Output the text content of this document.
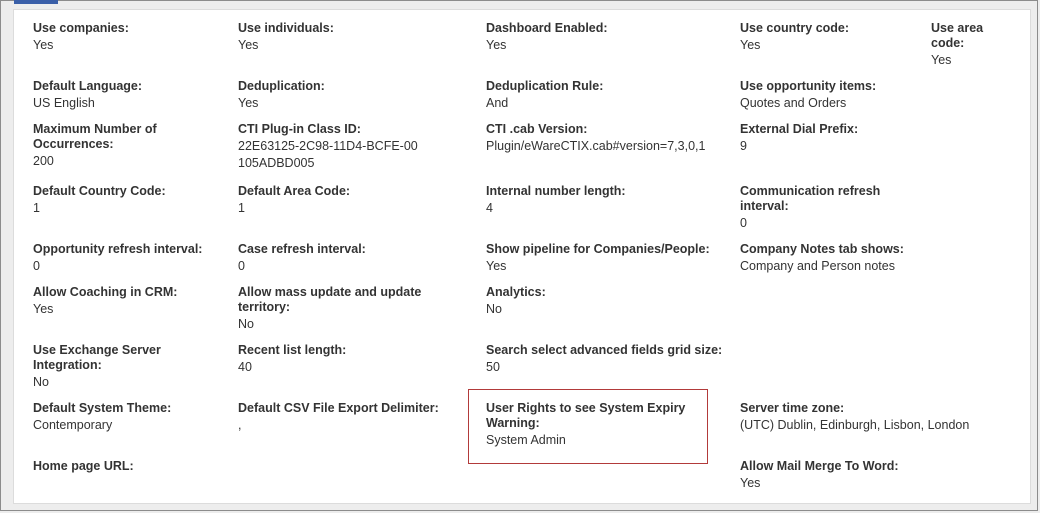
Use companies:
Yes
Use individuals:
Yes
Dashboard Enabled:
Yes
Use country code:
Yes
Use area code:
Yes
Default Language:
US English
Deduplication:
Yes
Deduplication Rule:
And
Use opportunity items:
Quotes and Orders
Maximum Number of Occurrences:
200
CTI Plug-in Class ID:
22E63125-2C98-11D4-BCFE-00105ADBD005
CTI .cab Version:
Plugin/eWareCTIX.cab#version=7,3,0,1
External Dial Prefix:
9
Default Country Code:
1
Default Area Code:
1
Internal number length:
4
Communication refresh interval:
0
Opportunity refresh interval:
0
Case refresh interval:
0
Show pipeline for Companies/People:
Yes
Company Notes tab shows:
Company and Person notes
Allow Coaching in CRM:
Yes
Allow mass update and update territory:
No
Analytics:
No
Use Exchange Server Integration:
No
Recent list length:
40
Search select advanced fields grid size:
50
Default System Theme:
Contemporary
Default CSV File Export Delimiter:
,
User Rights to see System Expiry Warning:
System Admin
Server time zone:
(UTC) Dublin, Edinburgh, Lisbon, London
Home page URL:	Allow Mail Merge To Word:
Yes
